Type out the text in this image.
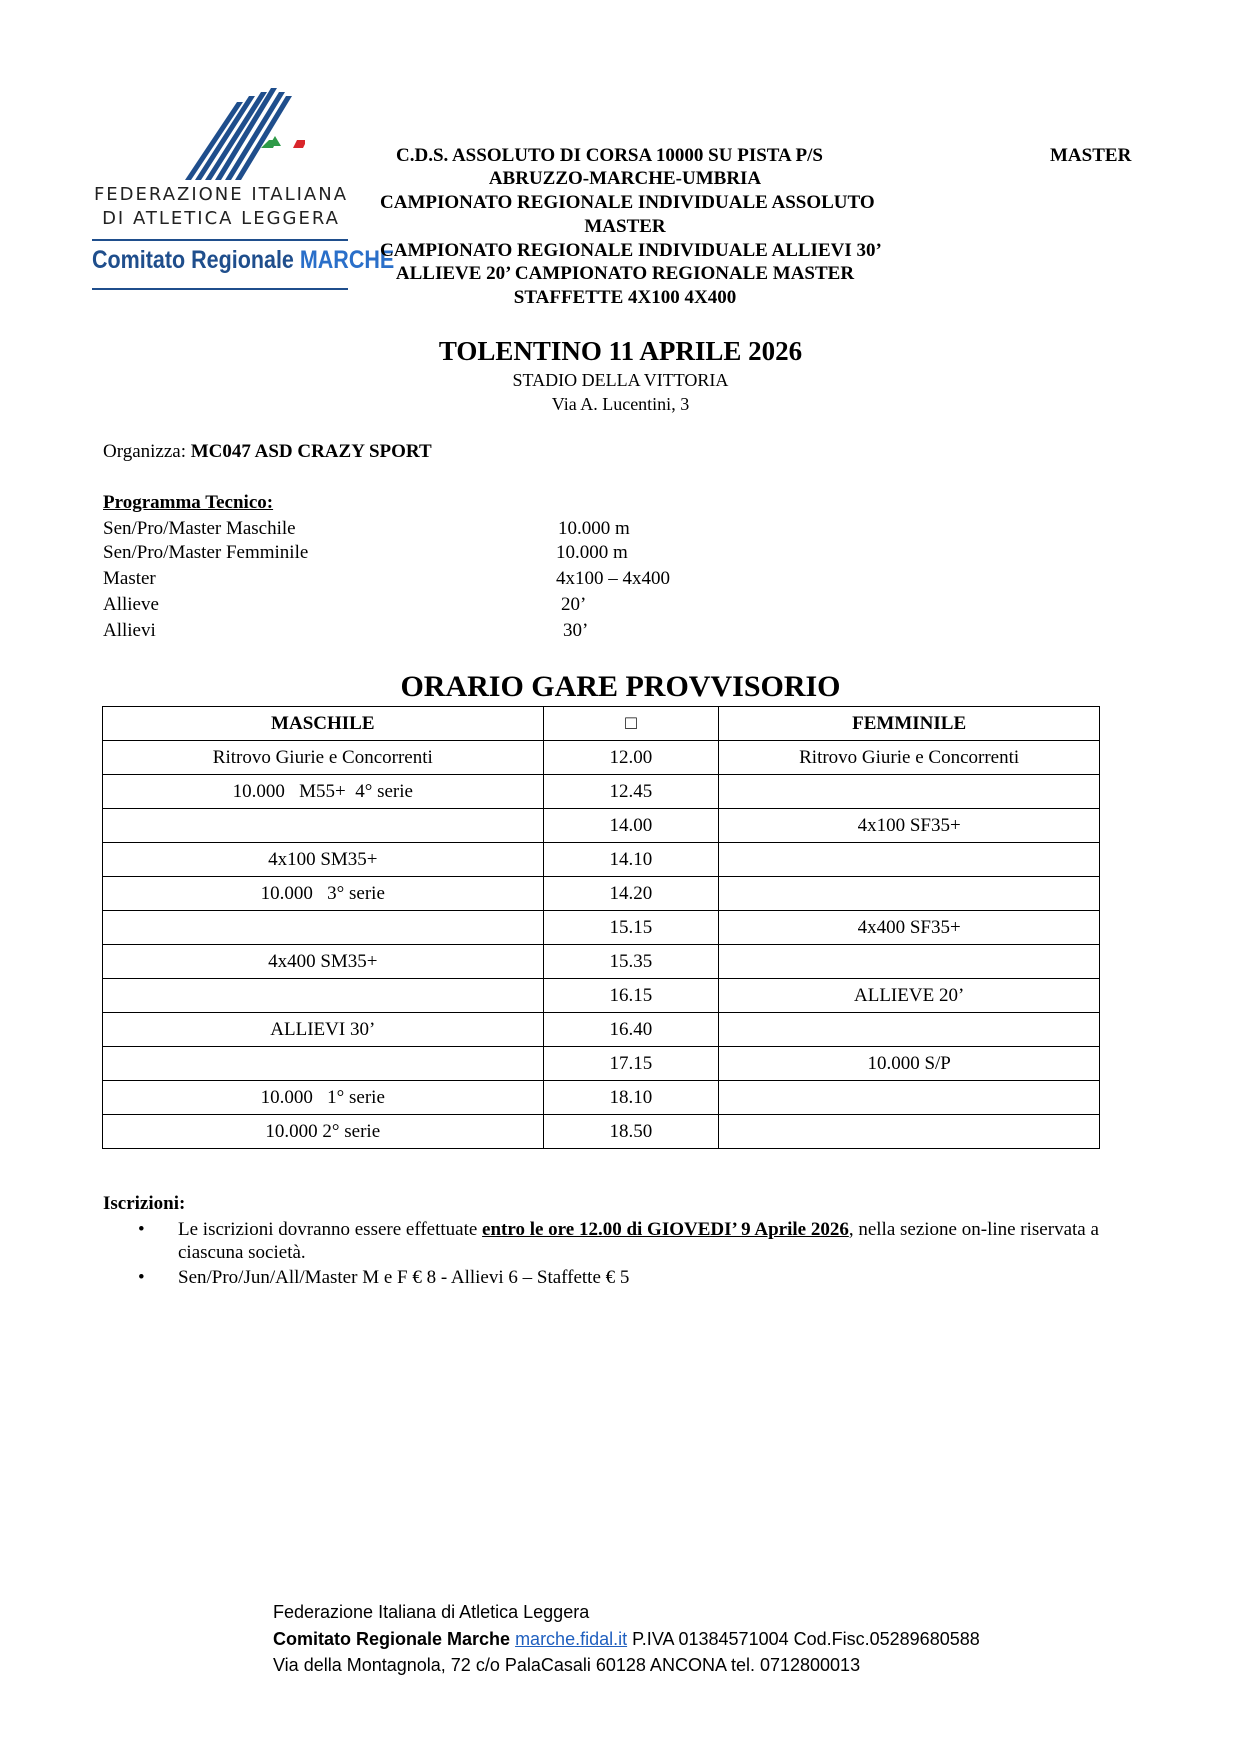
FEDERAZIONE ITALIANA
DI ATLETICA LEGGERA
Comitato Regionale MARCHE
C.D.S. ASSOLUTO DI CORSA 10000 SU PISTA P/S
ABRUZZO-MARCHE-UMBRIA
CAMPIONATO REGIONALE INDIVIDUALE ASSOLUTO
MASTER
CAMPIONATO REGIONALE INDIVIDUALE ALLIEVI 30’
ALLIEVE 20’ CAMPIONATO REGIONALE MASTER
STAFFETTE 4X100 4X400
MASTER
TOLENTINO 11 APRILE 2026
STADIO DELLA VITTORIA
Via A. Lucentini, 3
Organizza: MC047 ASD CRAZY SPORT
Programma Tecnico:
Sen/Pro/Master Maschile	10.000 m
Sen/Pro/Master Femminile	10.000 m
Master	4x100 – 4x400
Allieve	20’
Allievi	30’
ORARIO GARE PROVVISORIO
MASCHILE	□	FEMMINILE
Ritrovo Giurie e Concorrenti	12.00	Ritrovo Giurie e Concorrenti
10.000   M55+  4° serie	12.45	
	14.00	4x100 SF35+
4x100 SM35+	14.10	
10.000   3° serie	14.20	
	15.15	4x400 SF35+
4x400 SM35+	15.35	
	16.15	ALLIEVE 20’
ALLIEVI 30’	16.40	
	17.15	10.000 S/P
10.000   1° serie	18.10	
10.000 2° serie	18.50	
Iscrizioni:
• Le iscrizioni dovranno essere effettuate entro le ore 12.00 di GIOVEDI’ 9 Aprile 2026, nella sezione on-line riservata a ciascuna società.
• Sen/Pro/Jun/All/Master M e F € 8 - Allievi 6 – Staffette € 5
Federazione Italiana di Atletica Leggera
Comitato Regionale Marche marche.fidal.it P.IVA 01384571004 Cod.Fisc.05289680588
Via della Montagnola, 72 c/o PalaCasali 60128 ANCONA tel. 0712800013
